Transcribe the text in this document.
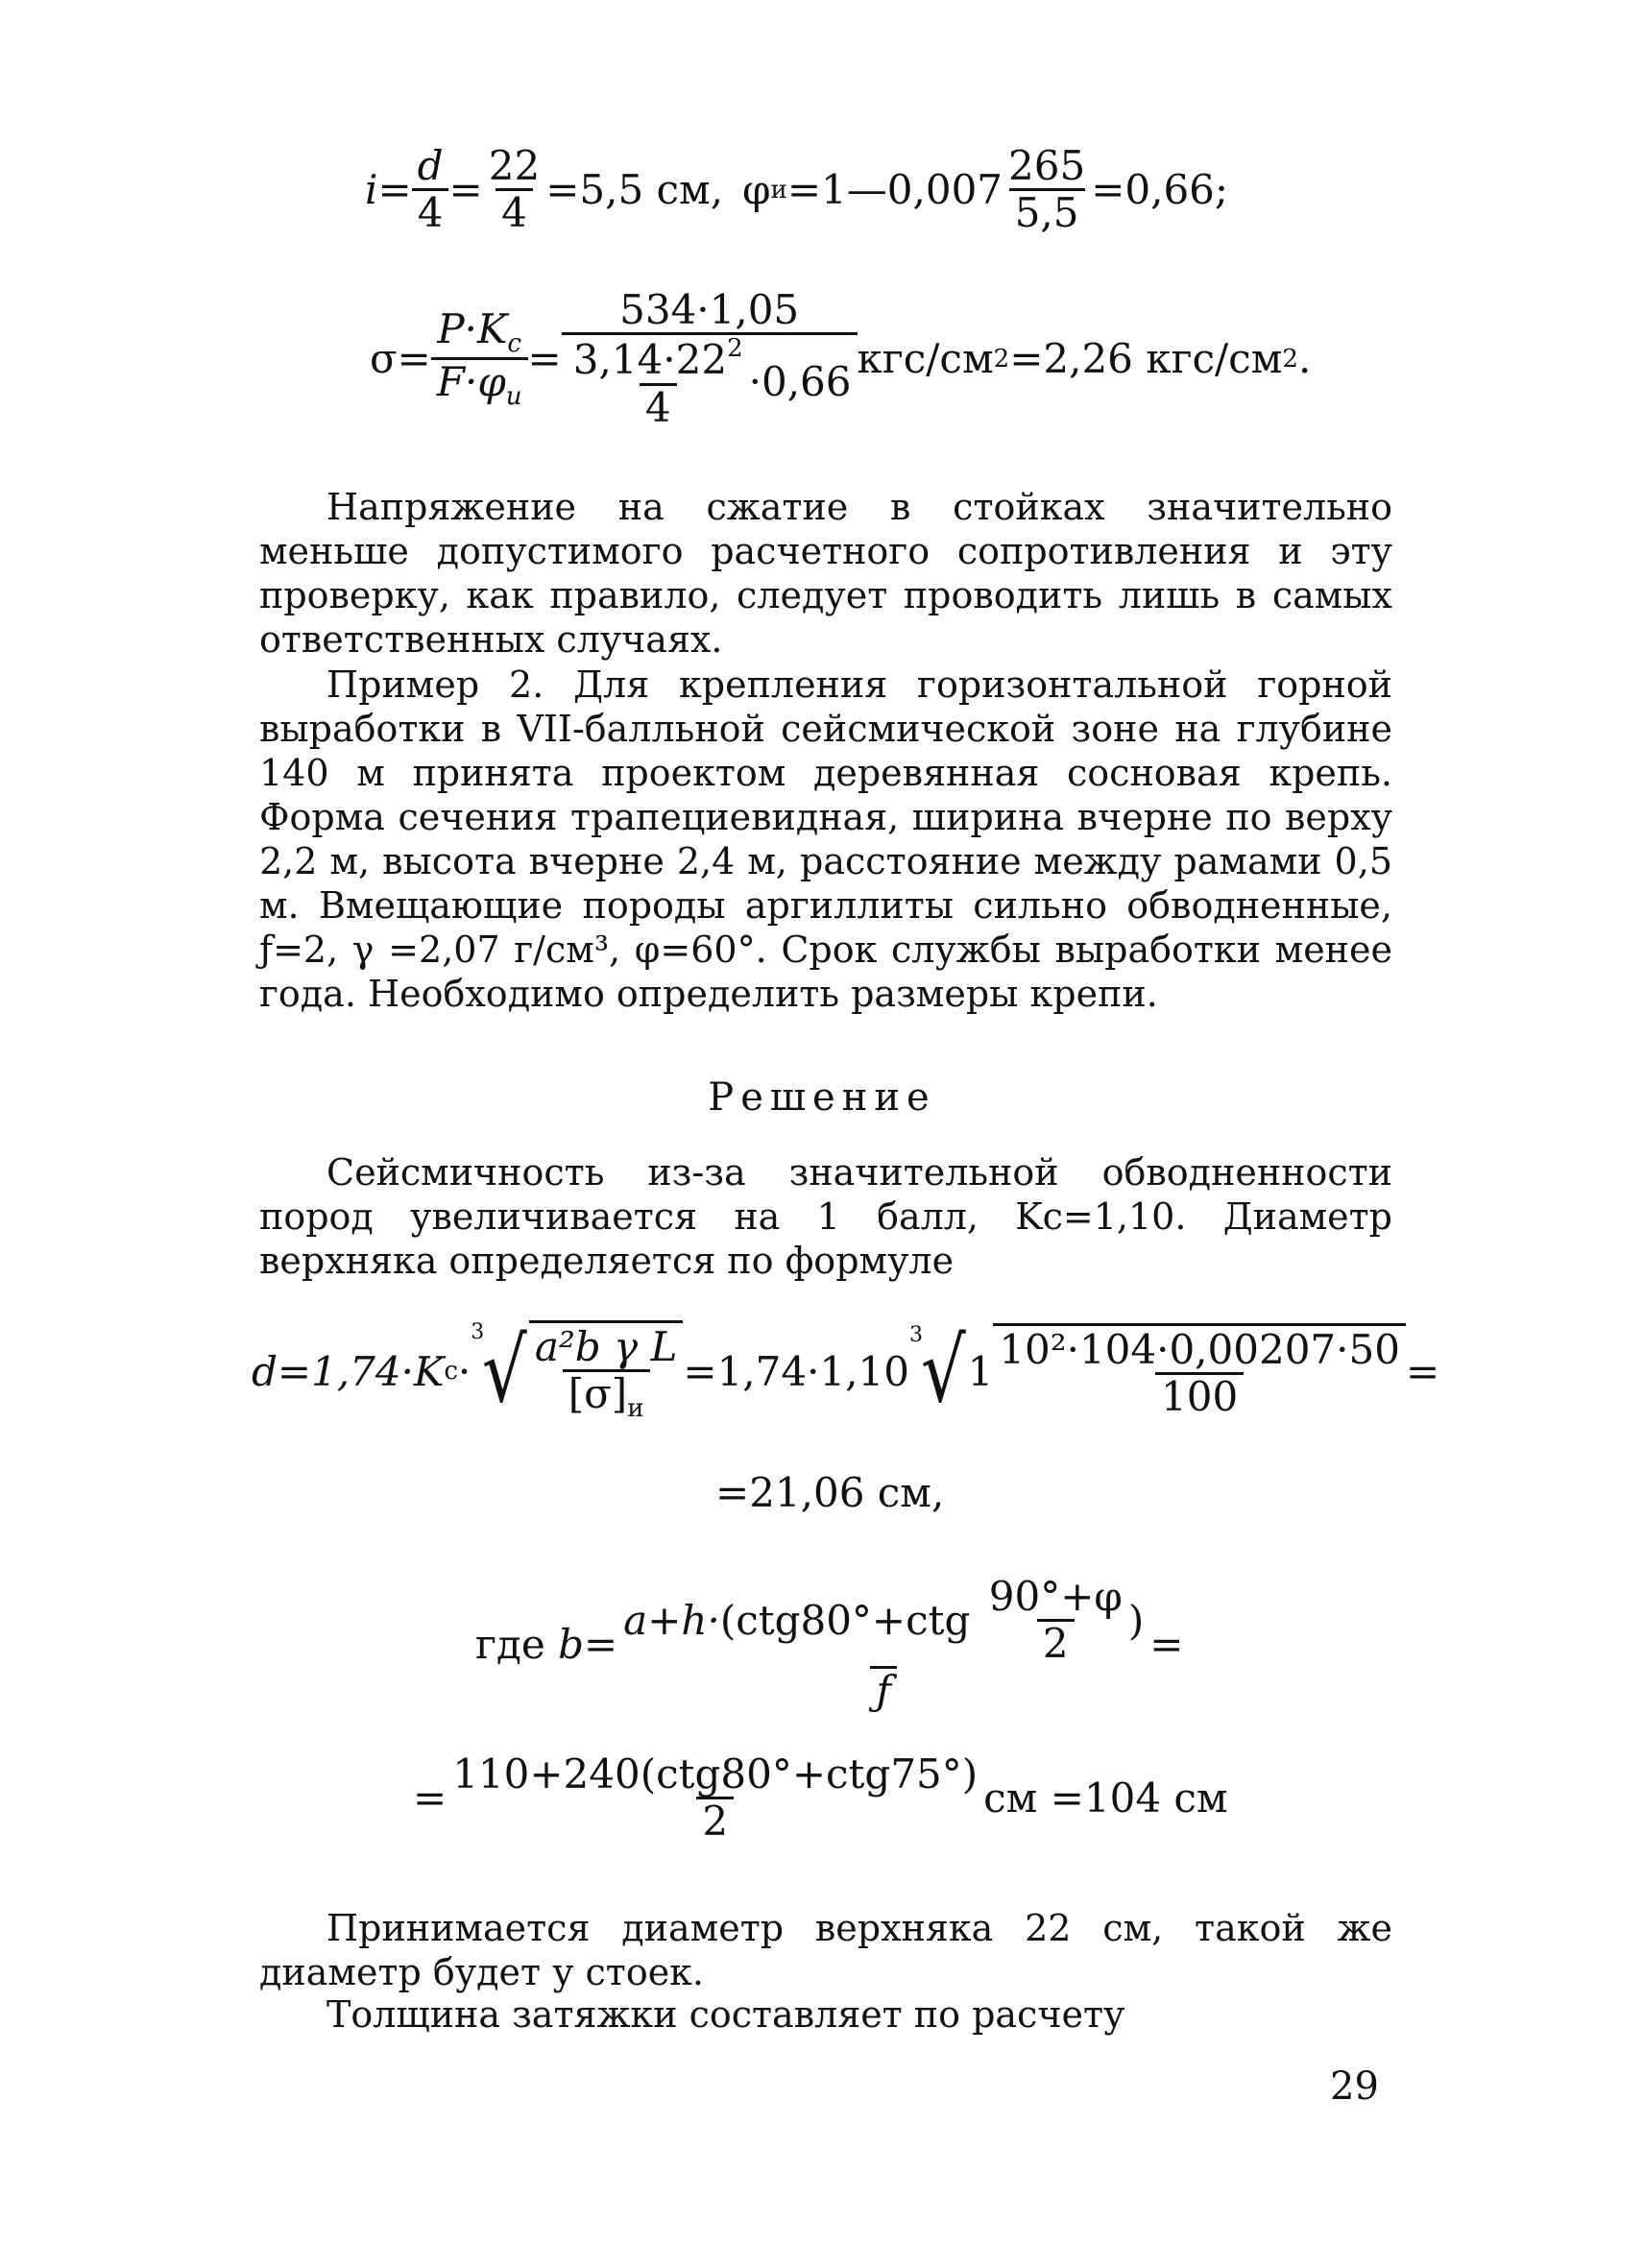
i =
d
$4 = \frac{22}{4} =5,5$ см, φ и =1—0,007 $\frac{265}{5,5} =0,66$;
σ =
$P\cdot K_c$
$F\cdot\varphi_и$
=
534·1,05
$3,14\cdot 22^2$
4
·0,66 кгс/см 2 =2,26 кгс/см 2 .
Напряжение на сжатие в стойках значительно меньше допустимого расчетного сопротивления и эту проверку, как правило, следует проводить лишь в самых ответственных случаях.
Пример 2. Для крепления горизонтальной горной выработки в VII-балльной сейсмической зоне на глубине 140 м принята проектом деревянная сосновая крепь. Форма сечения трапециевидная, ширина вчерне по верху 2,2 м, высота вчерне 2,4 м, расстояние между рамами 0,5 м. Вмещающие породы аргиллиты сильно обводненные, ƒ=2, γ =2,07 г/см³, φ=60°. Срок службы выработки менее года. Необходимо определить размеры крепи.
Решение
Сейсмичность из-за значительной обводненности пород увеличивается на 1 балл, Kc=1,10. Диаметр верхняка определяется по формуле
d=1,74·K c ·
3
√ a²b γ L
$[\sigma]_и$
=1,74·1,10
3
√ $1 \frac{\text{10²·104·0,00207·50}}{100}$ =
=21,06 см,
где
b=
a+h· (ctg80°+ctg

90°+φ
2
)
ƒ
=
=
110+240(ctg80°+ctg75°)
2	см =104 см
Принимается диаметр верхняка 22 см, такой же диаметр будет у стоек.
Толщина затяжки составляет по расчету
29
